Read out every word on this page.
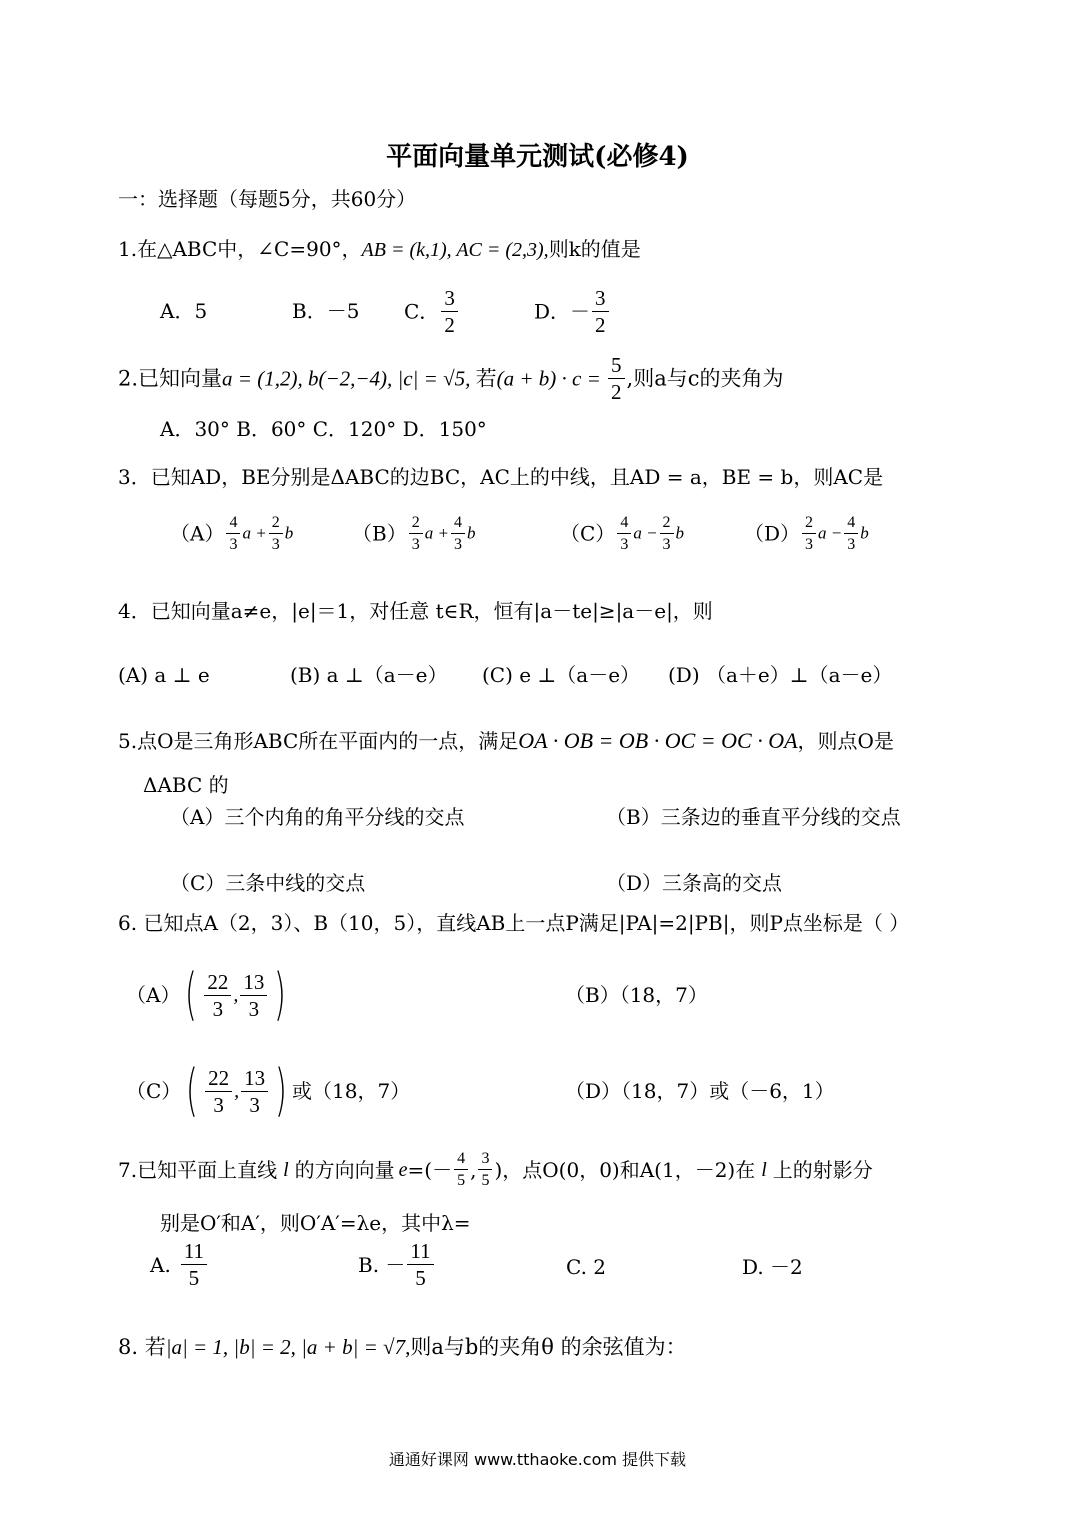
平面向量单元测试(必修4)
一：选择题（每题5分，共60分）
1.在△ABC中，∠C=90°，AB = (k,1), AC = (2,3),则k的值是
A．5	B．－5 C． $\frac{3}{2}$	D．－ $\frac{3}{2}$
2.已知向量a = (1,2), b(−2,−4), |c| = √5, 若$(a + b) \cdot c = \frac{5}{2}$ ,则a与c的夹角为
A．30° B．60° C．120° D．150°
3．已知AD，BE分别是ΔABC的边BC，AC上的中线，且AD = a，BE = b，则AC是
$(A) \frac{4}{3}$ $a + \frac{2}{3}$ b	$(B) \frac{2}{3}$ $a + \frac{4}{3}$ b	$(C) \frac{4}{3}$ $a - \frac{2}{3}$ b	$(D) \frac{2}{3}$ $a - \frac{4}{3}$ b
4．已知向量a≠e，|e|＝1，对任意 t∈R，恒有|a－te|≥|a－e|，则
(A) a ⊥ e	(B) a ⊥（a－e） (C) e ⊥（a－e） (D) （a＋e）⊥（a－e）
5.点O是三角形ABC所在平面内的一点，满足OA · OB = OB · OC = OC · OA，则点O是
ΔABC 的
（A）三个内角的角平分线的交点	（B）三条边的垂直平分线的交点
（C）三条中线的交点	（D）三条高的交点
6. 已知点A（2，3）、B（10，5），直线AB上一点P满足|PA|=2|PB|，则P点坐标是（ ）
（A） ( $\frac{22}{3}$ , $\frac{13}{3}$ )	（B）（18，7）
（C） ( $\frac{22}{3}$ , $\frac{13}{3}$ ) 或（18，7）	（D）（18，7）或（－6，1）
7.已知平面上直线 l 的方向向量 e =(－ $\frac{4}{5}$ , $\frac{3}{5}$ )，点O(0，0)和A(1，－2)在 l 上的射影分
别是O′和A′，则O′A′=λe，其中λ=
A. $\frac{11}{5}$	B. － $\frac{11}{5}$	C. 2	D. －2
8. 若|a| = 1, |b| = 2, |a + b| = √7,则a与b的夹角θ 的余弦值为：
通通好课网 www.tthaoke.com 提供下载
